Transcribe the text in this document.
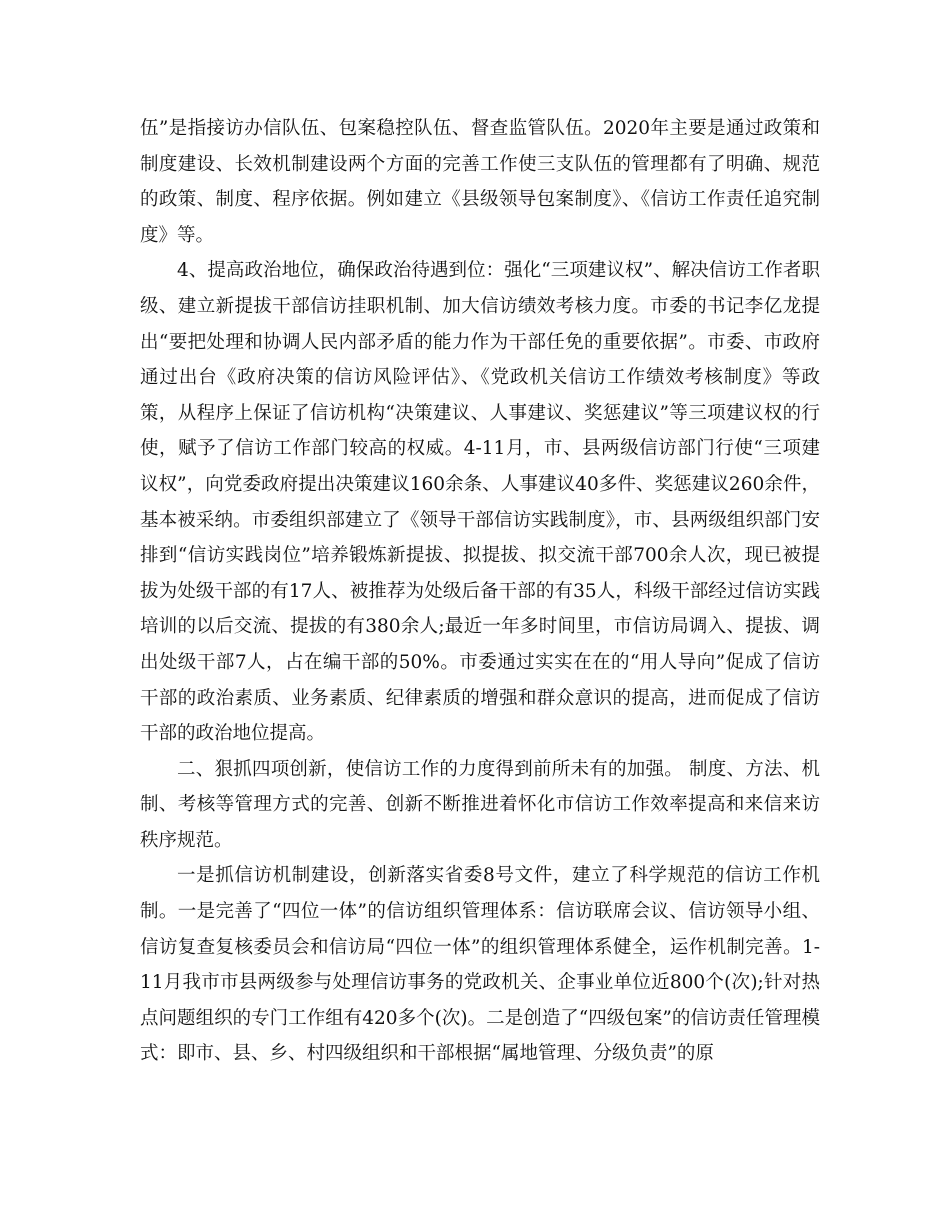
伍”是指接访办信队伍、包案稳控队伍、督查监管队伍。2020年主要是通过政策和制度建设、长效机制建设两个方面的完善工作使三支队伍的管理都有了明确、规范的政策、制度、程序依据。例如建立《县级领导包案制度》、《信访工作责任追究制度》等。

4、提高政治地位，确保政治待遇到位：强化“三项建议权”、解决信访工作者职级、建立新提拔干部信访挂职机制、加大信访绩效考核力度。市委的书记李亿龙提出“要把处理和协调人民内部矛盾的能力作为干部任免的重要依据”。市委、市政府通过出台《政府决策的信访风险评估》、《党政机关信访工作绩效考核制度》等政策，从程序上保证了信访机构“决策建议、人事建议、奖惩建议”等三项建议权的行使，赋予了信访工作部门较高的权威。4-11月，市、县两级信访部门行使“三项建议权”，向党委政府提出决策建议160余条、人事建议40多件、奖惩建议260余件，基本被采纳。市委组织部建立了《领导干部信访实践制度》，市、县两级组织部门安排到“信访实践岗位”培养锻炼新提拔、拟提拔、拟交流干部700余人次，现已被提拔为处级干部的有17人、被推荐为处级后备干部的有35人，科级干部经过信访实践培训的以后交流、提拔的有380余人;最近一年多时间里，市信访局调入、提拔、调出处级干部7人，占在编干部的50%。市委通过实实在在的“用人导向”促成了信访干部的政治素质、业务素质、纪律素质的增强和群众意识的提高，进而促成了信访干部的政治地位提高。

二、狠抓四项创新，使信访工作的力度得到前所未有的加强。 制度、方法、机制、考核等管理方式的完善、创新不断推进着怀化市信访工作效率提高和来信来访秩序规范。

一是抓信访机制建设，创新落实省委8号文件，建立了科学规范的信访工作机制。一是完善了“四位一体”的信访组织管理体系：信访联席会议、信访领导小组、信访复查复核委员会和信访局“四位一体”的组织管理体系健全，运作机制完善。1-11月我市市县两级参与处理信访事务的党政机关、企事业单位近800个(次);针对热点问题组织的专门工作组有420多个(次)。二是创造了“四级包案”的信访责任管理模式：即市、县、乡、村四级组织和干部根据“属地管理、分级负责”的原
